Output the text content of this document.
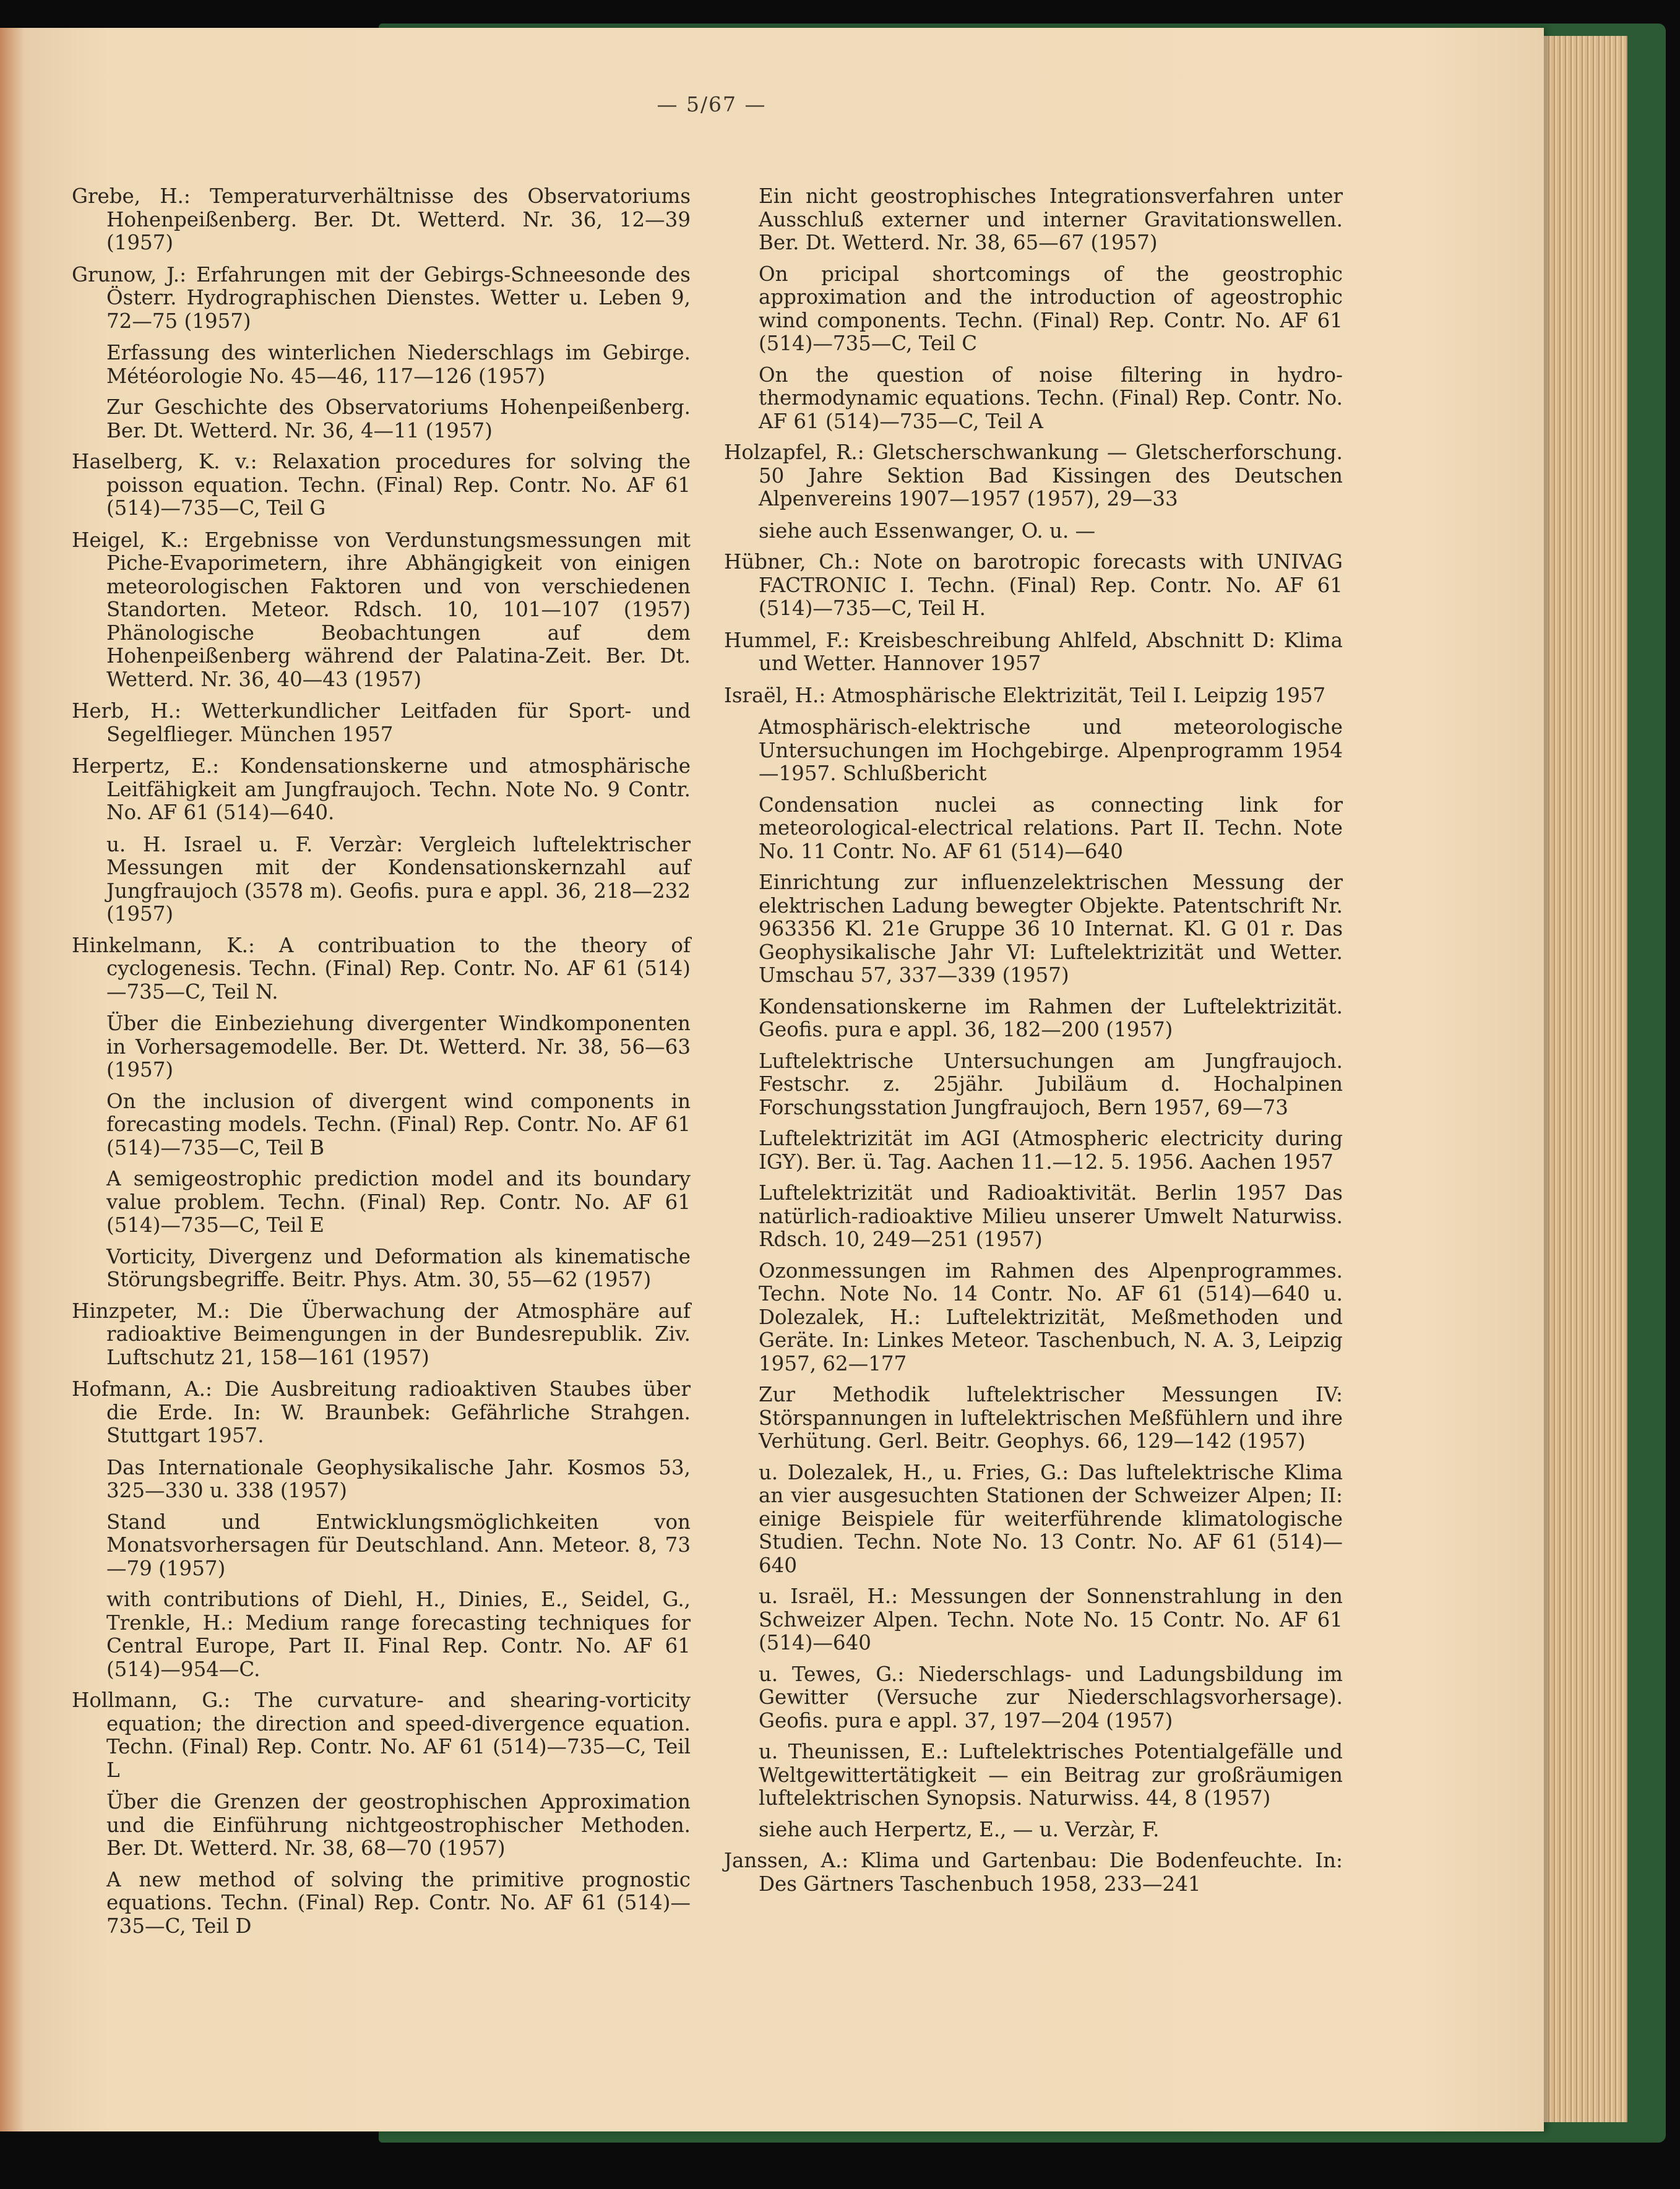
— 5/67 —
Grebe, H.: Temperaturverhältnisse des Observatoriums Hohenpeißenberg. Ber. Dt. Wetterd. Nr. 36, 12—39 (1957)
Grunow, J.: Erfahrungen mit der Gebirgs-Schneesonde des Österr. Hydrographischen Dienstes. Wetter u. Leben 9, 72—75 (1957)
Erfassung des winterlichen Niederschlags im Gebirge. Météorologie No. 45—46, 117—126 (1957)
Zur Geschichte des Observatoriums Hohenpeißenberg. Ber. Dt. Wetterd. Nr. 36, 4—11 (1957)
Haselberg, K. v.: Relaxation procedures for solving the poisson equation. Techn. (Final) Rep. Contr. No. AF 61 (514)—735—C, Teil G
Heigel, K.: Ergebnisse von Verdunstungsmessungen mit Piche-Evaporimetern, ihre Abhängigkeit von einigen meteorologischen Faktoren und von verschiedenen Standorten. Meteor. Rdsch. 10, 101—107 (1957) Phänologische Beobachtungen auf dem Hohenpeißenberg während der Palatina-Zeit. Ber. Dt. Wetterd. Nr. 36, 40—43 (1957)
Herb, H.: Wetterkundlicher Leitfaden für Sport- und Segelflieger. München 1957
Herpertz, E.: Kondensationskerne und atmosphärische Leitfähigkeit am Jungfraujoch. Techn. Note No. 9 Contr. No. AF 61 (514)—640.
u. H. Israel u. F. Verzàr: Vergleich luftelektrischer Messungen mit der Kondensationskernzahl auf Jungfraujoch (3578 m). Geofis. pura e appl. 36, 218—232 (1957)
Hinkelmann, K.: A contribuation to the theory of cyclogenesis. Techn. (Final) Rep. Contr. No. AF 61 (514)—735—C, Teil N.
Über die Einbeziehung divergenter Windkomponenten in Vorhersagemodelle. Ber. Dt. Wetterd. Nr. 38, 56—63 (1957)
On the inclusion of divergent wind components in forecasting models. Techn. (Final) Rep. Contr. No. AF 61 (514)—735—C, Teil B
A semigeostrophic prediction model and its boundary value problem. Techn. (Final) Rep. Contr. No. AF 61 (514)—735—C, Teil E
Vorticity, Divergenz und Deformation als kinematische Störungsbegriffe. Beitr. Phys. Atm. 30, 55—62 (1957)
Hinzpeter, M.: Die Überwachung der Atmosphäre auf radioaktive Beimengungen in der Bundesrepublik. Ziv. Luftschutz 21, 158—161 (1957)
Hofmann, A.: Die Ausbreitung radioaktiven Staubes über die Erde. In: W. Braunbek: Gefährliche Strahgen. Stuttgart 1957.
Das Internationale Geophysikalische Jahr. Kosmos 53, 325—330 u. 338 (1957)
Stand und Entwicklungsmöglichkeiten von Monatsvorhersagen für Deutschland. Ann. Meteor. 8, 73—79 (1957)
with contributions of Diehl, H., Dinies, E., Seidel, G., Trenkle, H.: Medium range forecasting techniques for Central Europe, Part II. Final Rep. Contr. No. AF 61 (514)—954—C.
Hollmann, G.: The curvature- and shearing-vorticity equation; the direction and speed-divergence equation. Techn. (Final) Rep. Contr. No. AF 61 (514)—735—C, Teil L
Über die Grenzen der geostrophischen Approximation und die Einführung nichtgeostrophischer Methoden. Ber. Dt. Wetterd. Nr. 38, 68—70 (1957)
A new method of solving the primitive prognostic equations. Techn. (Final) Rep. Contr. No. AF 61 (514)—735—C, Teil D
Ein nicht geostrophisches Integrationsverfahren unter Ausschluß externer und interner Gravitationswellen. Ber. Dt. Wetterd. Nr. 38, 65—67 (1957)
On pricipal shortcomings of the geostrophic approximation and the introduction of ageostrophic wind components. Techn. (Final) Rep. Contr. No. AF 61 (514)—735—C, Teil C
On the question of noise filtering in hydro-thermodynamic equations. Techn. (Final) Rep. Contr. No. AF 61 (514)—735—C, Teil A
Holzapfel, R.: Gletscherschwankung — Gletscherforschung. 50 Jahre Sektion Bad Kissingen des Deutschen Alpenvereins 1907—1957 (1957), 29—33
siehe auch Essenwanger, O. u. —
Hübner, Ch.: Note on barotropic forecasts with UNIVAG FACTRONIC I. Techn. (Final) Rep. Contr. No. AF 61 (514)—735—C, Teil H.
Hummel, F.: Kreisbeschreibung Ahlfeld, Abschnitt D: Klima und Wetter. Hannover 1957
Israël, H.: Atmosphärische Elektrizität, Teil I. Leipzig 1957
Atmosphärisch-elektrische und meteorologische Untersuchungen im Hochgebirge. Alpenprogramm 1954—1957. Schlußbericht
Condensation nuclei as connecting link for meteorological-electrical relations. Part II. Techn. Note No. 11 Contr. No. AF 61 (514)—640
Einrichtung zur influenzelektrischen Messung der elektrischen Ladung bewegter Objekte. Patentschrift Nr. 963356 Kl. 21e Gruppe 36 10 Internat. Kl. G 01 r. Das Geophysikalische Jahr VI: Luftelektrizität und Wetter. Umschau 57, 337—339 (1957)
Kondensationskerne im Rahmen der Luftelektrizität. Geofis. pura e appl. 36, 182—200 (1957)
Luftelektrische Untersuchungen am Jungfraujoch. Festschr. z. 25jähr. Jubiläum d. Hochalpinen Forschungsstation Jungfraujoch, Bern 1957, 69—73
Luftelektrizität im AGI (Atmospheric electricity during IGY). Ber. ü. Tag. Aachen 11.—12. 5. 1956. Aachen 1957
Luftelektrizität und Radioaktivität. Berlin 1957 Das natürlich-radioaktive Milieu unserer Umwelt Naturwiss. Rdsch. 10, 249—251 (1957)
Ozonmessungen im Rahmen des Alpenprogrammes. Techn. Note No. 14 Contr. No. AF 61 (514)—640 u. Dolezalek, H.: Luftelektrizität, Meßmethoden und Geräte. In: Linkes Meteor. Taschenbuch, N. A. 3, Leipzig 1957, 62—177
Zur Methodik luftelektrischer Messungen IV: Störspannungen in luftelektrischen Meßfühlern und ihre Verhütung. Gerl. Beitr. Geophys. 66, 129—142 (1957)
u. Dolezalek, H., u. Fries, G.: Das luftelektrische Klima an vier ausgesuchten Stationen der Schweizer Alpen; II: einige Beispiele für weiterführende klimatologische Studien. Techn. Note No. 13 Contr. No. AF 61 (514)—640
u. Israël, H.: Messungen der Sonnenstrahlung in den Schweizer Alpen. Techn. Note No. 15 Contr. No. AF 61 (514)—640
u. Tewes, G.: Niederschlags- und Ladungsbildung im Gewitter (Versuche zur Niederschlagsvorhersage). Geofis. pura e appl. 37, 197—204 (1957)
u. Theunissen, E.: Luftelektrisches Potentialgefälle und Weltgewittertätigkeit — ein Beitrag zur großräumigen luftelektrischen Synopsis. Naturwiss. 44, 8 (1957)
siehe auch Herpertz, E., — u. Verzàr, F.
Janssen, A.: Klima und Gartenbau: Die Bodenfeuchte. In: Des Gärtners Taschenbuch 1958, 233—241
